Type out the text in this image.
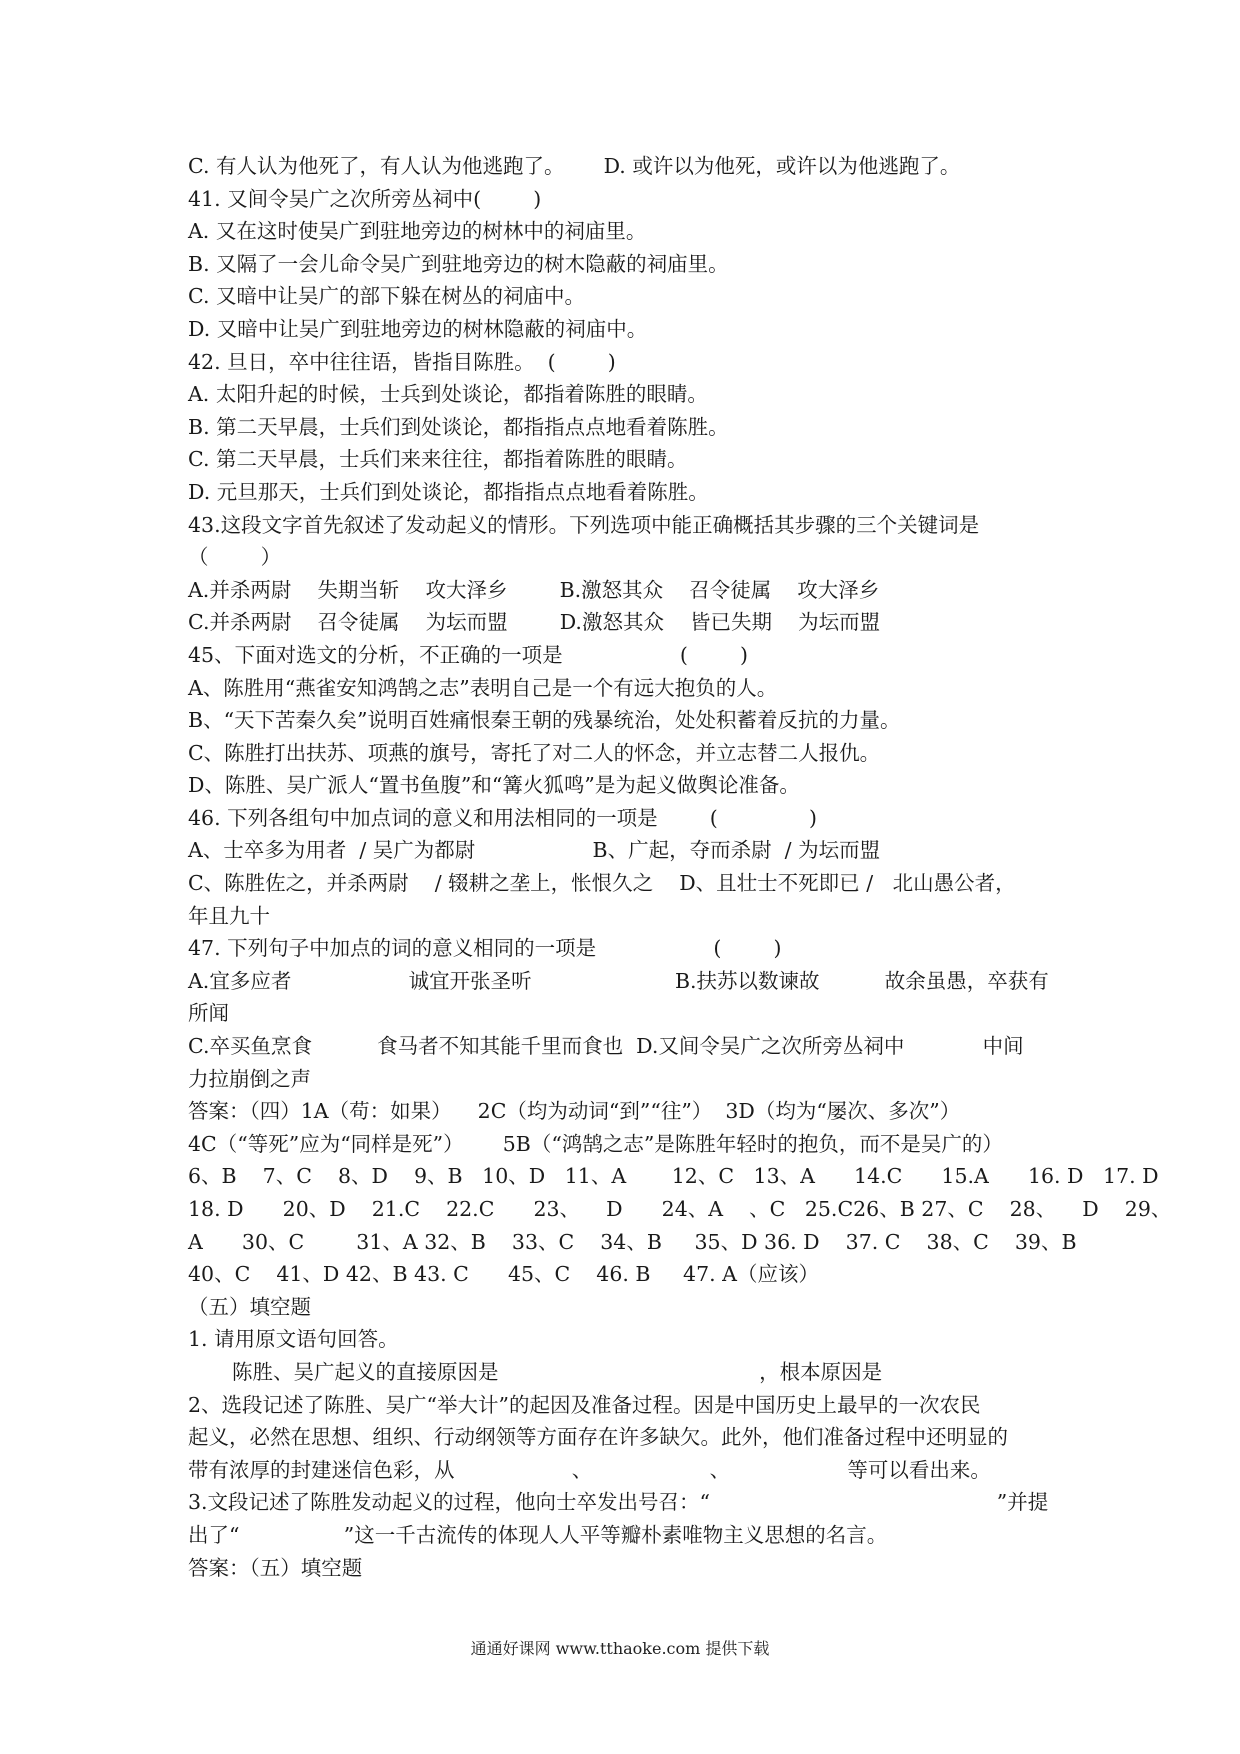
C. 有人认为他死了，有人认为他逃跑了。      D. 或许以为他死，或许以为他逃跑了。
41. 又间令吴广之次所旁丛祠中(        )
A. 又在这时使吴广到驻地旁边的树林中的祠庙里。
B. 又隔了一会儿命令吴广到驻地旁边的树木隐蔽的祠庙里。
C. 又暗中让吴广的部下躲在树丛的祠庙中。
D. 又暗中让吴广到驻地旁边的树林隐蔽的祠庙中。
42. 旦日，卒中往往语，皆指目陈胜。  (        )
A. 太阳升起的时候，士兵到处谈论，都指着陈胜的眼睛。
B. 第二天早晨，士兵们到处谈论，都指指点点地看着陈胜。
C. 第二天早晨，士兵们来来往往，都指着陈胜的眼睛。
D. 元旦那天，士兵们到处谈论，都指指点点地看着陈胜。
43.这段文字首先叙述了发动起义的情形。下列选项中能正确概括其步骤的三个关键词是
（        ）
A.并杀两尉    失期当斩    攻大泽乡        B.激怒其众    召令徒属    攻大泽乡
C.并杀两尉    召令徒属    为坛而盟        D.激怒其众    皆已失期    为坛而盟
45、下面对选文的分析，不正确的一项是                  (        )
A、陈胜用“燕雀安知鸿鹄之志”表明自己是一个有远大抱负的人。
B、“天下苦秦久矣”说明百姓痛恨秦王朝的残暴统治，处处积蓄着反抗的力量。
C、陈胜打出扶苏、项燕的旗号，寄托了对二人的怀念，并立志替二人报仇。
D、陈胜、吴广派人“置书鱼腹”和“篝火狐鸣”是为起义做舆论准备。
46. 下列各组句中加点词的意义和用法相同的一项是        (              )
A、士卒多为用者  / 吴广为都尉                  B、广起，夺而杀尉  / 为坛而盟
C、陈胜佐之，并杀两尉    / 辍耕之垄上，怅恨久之    D、且壮士不死即已 /   北山愚公者，
年且九十
47. 下列句子中加点的词的意义相同的一项是                  (        )
A.宜多应者                  诚宜开张圣听                      B.扶苏以数谏故          故余虽愚，卒获有
所闻
C.卒买鱼烹食          食马者不知其能千里而食也  D.又间令吴广之次所旁丛祠中            中间
力拉崩倒之声
答案：（四）1A（苟：如果）    2C（均为动词“到”“往”）  3D（均为“屡次、多次”）
4C（“等死”应为“同样是死”）      5B（“鸿鹄之志”是陈胜年轻时的抱负，而不是吴广的）
6、B    7、C    8、D    9、B   10、D   11、A       12、C   13、A      14.C      15.A      16. D   17. D
18. D      20、D    21.C    22.C      23、    D      24、A    、C   25.C26、B 27、C    28、    D    29、
A      30、C        31、A 32、B    33、C    34、B     35、D 36. D    37. C    38、C    39、B
40、C    41、D 42、B 43. C      45、C    46. B     47. A（应该）
（五）填空题
1. 请用原文语句回答。
陈胜、吴广起义的直接原因是                                        ，根本原因是
2、选段记述了陈胜、吴广“举大计”的起因及准备过程。因是中国历史上最早的一次农民
起义，必然在思想、组织、行动纲领等方面存在许多缺欠。此外，他们准备过程中还明显的
带有浓厚的封建迷信色彩，从                  、                  、                  等可以看出来。
3.文段记述了陈胜发动起义的过程，他向士卒发出号召：“                                            ”并提
出了“                ”这一千古流传的体现人人平等瓣朴素唯物主义思想的名言。
答案：（五）填空题
通通好课网 www.tthaoke.com 提供下载
